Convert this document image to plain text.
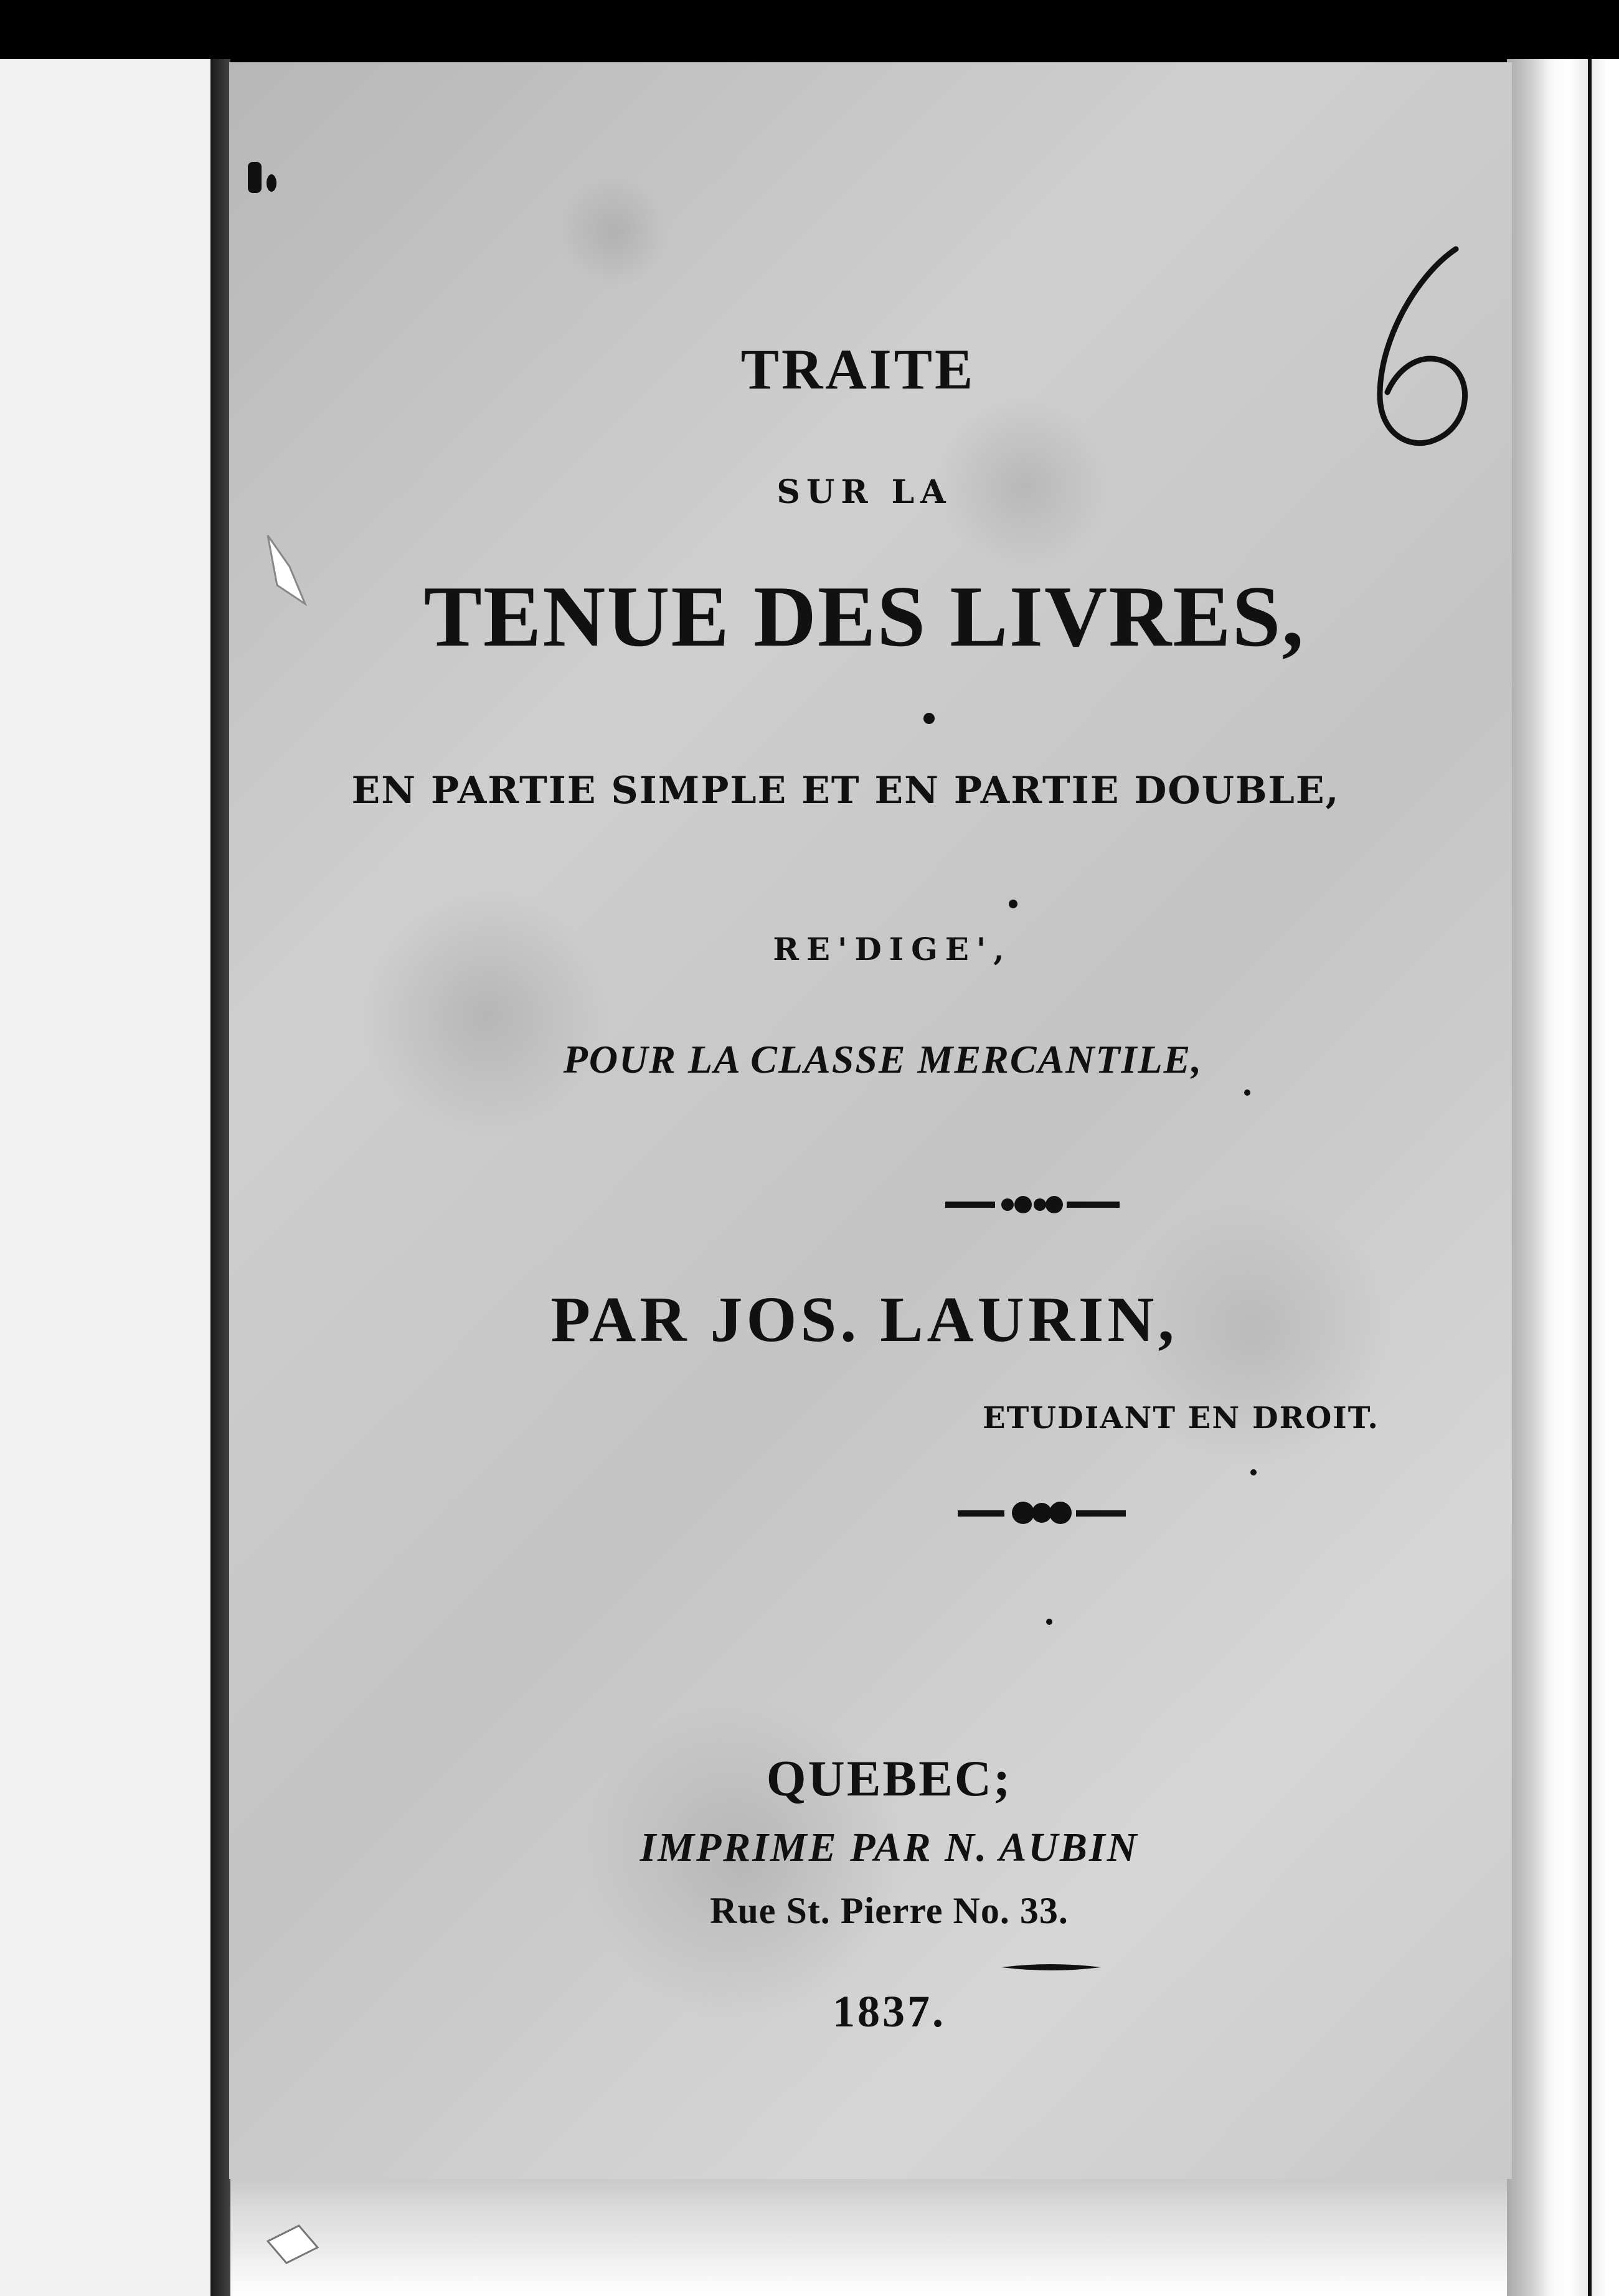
TRAITE
SUR LA
TENUE DES LIVRES,
EN PARTIE SIMPLE ET EN PARTIE DOUBLE,
RE'DIGE',
POUR LA CLASSE MERCANTILE,
PAR JOS. LAURIN,
ETUDIANT EN DROIT.
QUEBEC;
IMPRIME PAR N. AUBIN
Rue St. Pierre No. 33.
1837.
